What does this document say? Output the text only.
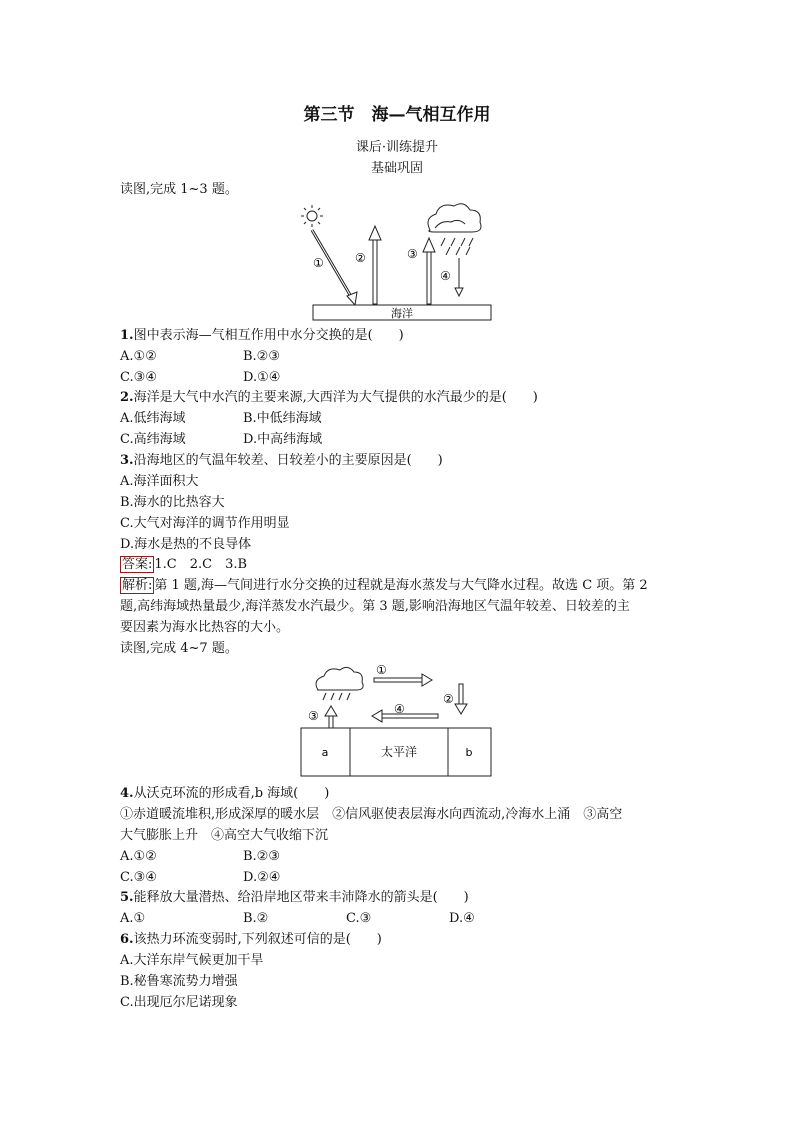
第三节　海—气相互作用
课后·训练提升
基础巩固
读图,完成 1~3 题。
①	②	③
④
海洋
1.图中表示海—气相互作用中水分交换的是(　　)
A.①②	B.②③
C.③④	D.①④
2.海洋是大气中水汽的主要来源,大西洋为大气提供的水汽最少的是(　　)
A.低纬海域	B.中低纬海域
C.高纬海域	D.中高纬海域
3.沿海地区的气温年较差、日较差小的主要原因是(　　)
A.海洋面积大
B.海水的比热容大
C.大气对海洋的调节作用明显
D.海水是热的不良导体
答案: 1.C　2.C　3.B
解析: 第 1 题,海—气间进行水分交换的过程就是海水蒸发与大气降水过程。故选 C 项。第 2
题,高纬海域热量最少,海洋蒸发水汽最少。第 3 题,影响沿海地区气温年较差、日较差的主
要因素为海水比热容的大小。
读图,完成 4~7 题。
①
②
④
③
a	太平洋	b
4.从沃克环流的形成看,b 海域(　　)
①赤道暖流堆积,形成深厚的暖水层　②信风驱使表层海水向西流动,冷海水上涌　③高空
大气膨胀上升　④高空大气收缩下沉
A.①②	B.②③
C.③④	D.②④
5.能释放大量潜热、给沿岸地区带来丰沛降水的箭头是(　　)
A.①	B.②	C.③	D.④
6.该热力环流变弱时,下列叙述可信的是(　　)
A.大洋东岸气候更加干旱
B.秘鲁寒流势力增强
C.出现厄尔尼诺现象
